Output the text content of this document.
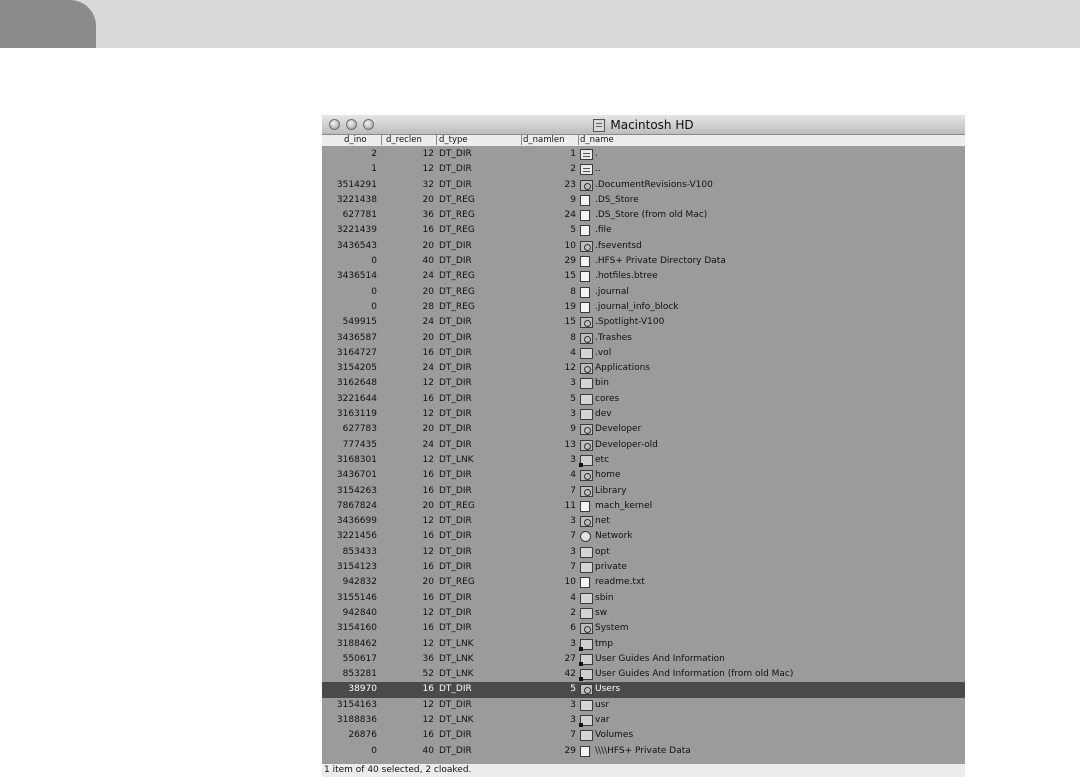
Macintosh HD
d_ino d_reclen d_type	d_namlen d_name
2	12 DT_DIR	1 .
1	12 DT_DIR	2 ..
3514291	32 DT_DIR	23 .DocumentRevisions-V100
3221438	20 DT_REG	9 .DS_Store
627781	36 DT_REG	24 .DS_Store (from old Mac)
3221439	16 DT_REG	5 .file
3436543	20 DT_DIR	10 .fseventsd
0	40 DT_DIR	29 .HFS+ Private Directory Data
3436514	24 DT_REG	15 .hotfiles.btree
0	20 DT_REG	8 .journal
0	28 DT_REG	19 .journal_info_block
549915	24 DT_DIR	15 .Spotlight-V100
3436587	20 DT_DIR	8 .Trashes
3164727	16 DT_DIR	4 .vol
3154205	24 DT_DIR	12 Applications
3162648	12 DT_DIR	3 bin
3221644	16 DT_DIR	5 cores
3163119	12 DT_DIR	3 dev
627783	20 DT_DIR	9 Developer
777435	24 DT_DIR	13 Developer-old
3168301	12 DT_LNK	3 etc
3436701	16 DT_DIR	4 home
3154263	16 DT_DIR	7 Library
7867824	20 DT_REG	11 mach_kernel
3436699	12 DT_DIR	3 net
3221456	16 DT_DIR	7 Network
853433	12 DT_DIR	3 opt
3154123	16 DT_DIR	7 private
942832	20 DT_REG	10 readme.txt
3155146	16 DT_DIR	4 sbin
942840	12 DT_DIR	2 sw
3154160	16 DT_DIR	6 System
3188462	12 DT_LNK	3 tmp
550617	36 DT_LNK	27 User Guides And Information
853281	52 DT_LNK	42 User Guides And Information (from old Mac)
38970	16 DT_DIR	5 Users
3154163	12 DT_DIR	3 usr
3188836	12 DT_LNK	3 var
26876	16 DT_DIR	7 Volumes
0	40 DT_DIR	29 \\\\HFS+ Private Data
1 item of 40 selected, 2 cloaked.
